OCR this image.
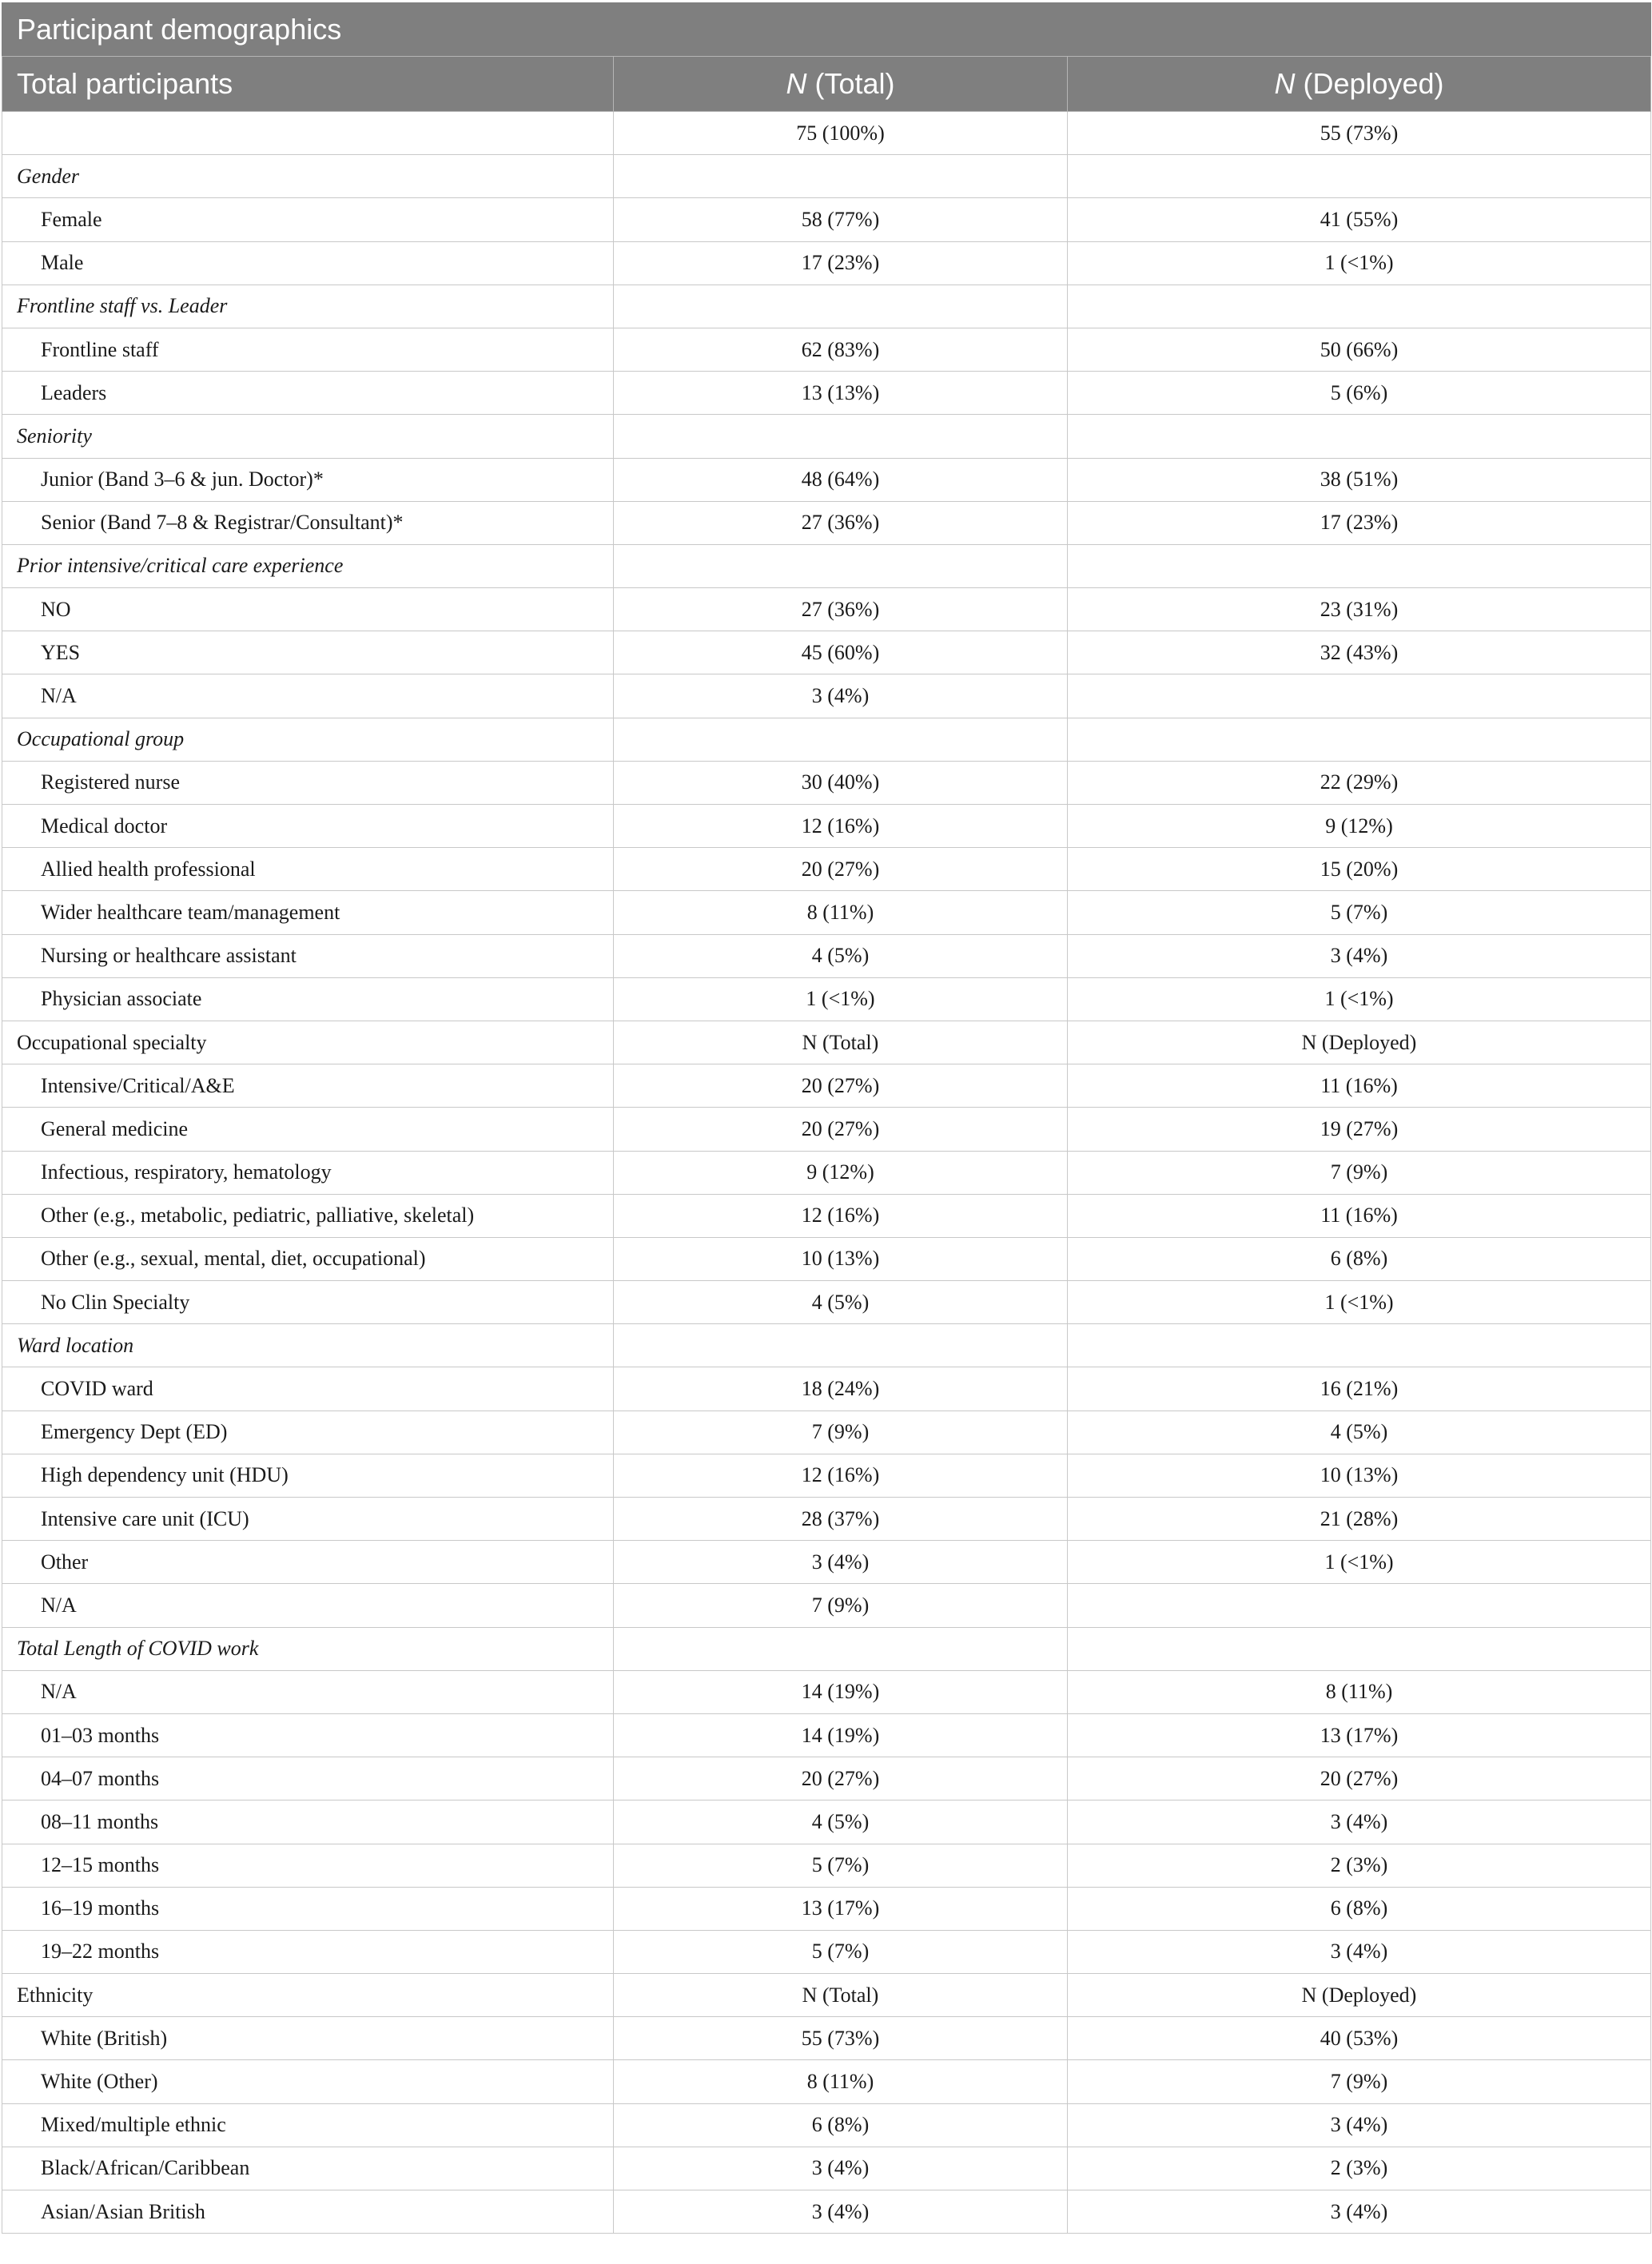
Participant demographics		
Total participants	N (Total)	N (Deployed)
	75 (100%)	55 (73%)
Gender		
Female	58 (77%)	41 (55%)
Male	17 (23%)	1 (<1%)
Frontline staff vs. Leader		
Frontline staff	62 (83%)	50 (66%)
Leaders	13 (13%)	5 (6%)
Seniority		
Junior (Band 3–6 & jun. Doctor)*	48 (64%)	38 (51%)
Senior (Band 7–8 & Registrar/Consultant)*	27 (36%)	17 (23%)
Prior intensive/critical care experience		
NO	27 (36%)	23 (31%)
YES	45 (60%)	32 (43%)
N/A	3 (4%)	
Occupational group		
Registered nurse	30 (40%)	22 (29%)
Medical doctor	12 (16%)	9 (12%)
Allied health professional	20 (27%)	15 (20%)
Wider healthcare team/management	8 (11%)	5 (7%)
Nursing or healthcare assistant	4 (5%)	3 (4%)
Physician associate	1 (<1%)	1 (<1%)
Occupational specialty	N (Total)	N (Deployed)
Intensive/Critical/A&E	20 (27%)	11 (16%)
General medicine	20 (27%)	19 (27%)
Infectious, respiratory, hematology	9 (12%)	7 (9%)
Other (e.g., metabolic, pediatric, palliative, skeletal)	12 (16%)	11 (16%)
Other (e.g., sexual, mental, diet, occupational)	10 (13%)	6 (8%)
No Clin Specialty	4 (5%)	1 (<1%)
Ward location		
COVID ward	18 (24%)	16 (21%)
Emergency Dept (ED)	7 (9%)	4 (5%)
High dependency unit (HDU)	12 (16%)	10 (13%)
Intensive care unit (ICU)	28 (37%)	21 (28%)
Other	3 (4%)	1 (<1%)
N/A	7 (9%)	
Total Length of COVID work		
N/A	14 (19%)	8 (11%)
01–03 months	14 (19%)	13 (17%)
04–07 months	20 (27%)	20 (27%)
08–11 months	4 (5%)	3 (4%)
12–15 months	5 (7%)	2 (3%)
16–19 months	13 (17%)	6 (8%)
19–22 months	5 (7%)	3 (4%)
Ethnicity	N (Total)	N (Deployed)
White (British)	55 (73%)	40 (53%)
White (Other)	8 (11%)	7 (9%)
Mixed/multiple ethnic	6 (8%)	3 (4%)
Black/African/Caribbean	3 (4%)	2 (3%)
Asian/Asian British	3 (4%)	3 (4%)
